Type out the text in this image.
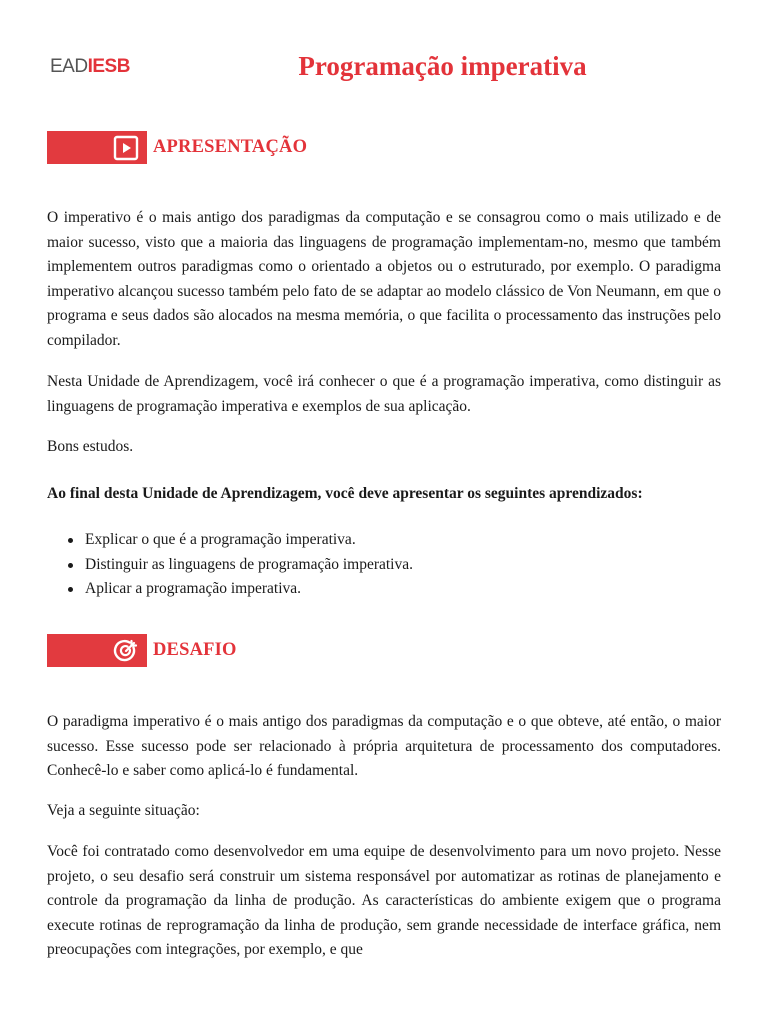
EADIESB	Programação imperativa
APRESENTAÇÃO

O imperativo é o mais antigo dos paradigmas da computação e se consagrou como o mais utilizado e de maior sucesso, visto que a maioria das linguagens de programação implementam-no, mesmo que também implementem outros paradigmas como o orientado a objetos ou o estruturado, por exemplo. O paradigma imperativo alcançou sucesso também pelo fato de se adaptar ao modelo clássico de Von Neumann, em que o programa e seus dados são alocados na mesma memória, o que facilita o processamento das instruções pelo compilador.

Nesta Unidade de Aprendizagem, você irá conhecer o que é a programação imperativa, como distinguir as linguagens de programação imperativa e exemplos de sua aplicação.

Bons estudos.

Ao final desta Unidade de Aprendizagem, você deve apresentar os seguintes aprendizados:

Explicar o que é a programação imperativa.
Distinguir as linguagens de programação imperativa.
Aplicar a programação imperativa.
DESAFIO

O paradigma imperativo é o mais antigo dos paradigmas da computação e o que obteve, até então, o maior sucesso. Esse sucesso pode ser relacionado à própria arquitetura de processamento dos computadores. Conhecê-lo e saber como aplicá-lo é fundamental.

Veja a seguinte situação:

Você foi contratado como desenvolvedor em uma equipe de desenvolvimento para um novo projeto. Nesse projeto, o seu desafio será construir um sistema responsável por automatizar as rotinas de planejamento e controle da programação da linha de produção. As características do ambiente exigem que o programa execute rotinas de reprogramação da linha de produção, sem grande necessidade de interface gráfica, nem preocupações com integrações, por exemplo, e que
